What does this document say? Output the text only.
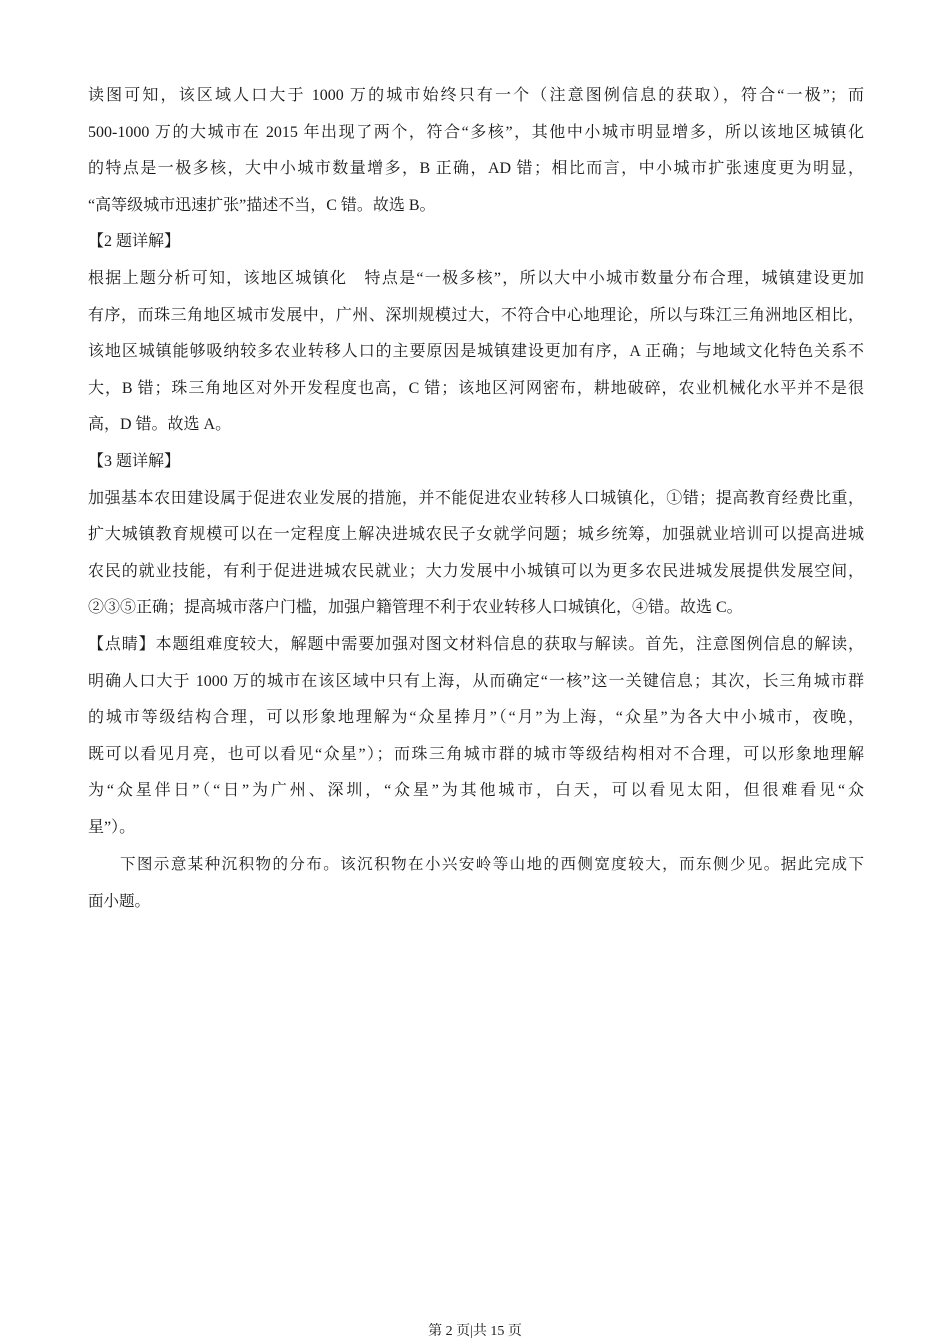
读图可知，该区域人口大于 1000 万的城市始终只有一个（注意图例信息的获取），符合“一极”；而
500-1000 万的大城市在 2015 年出现了两个，符合“多核”，其他中小城市明显增多，所以该地区城镇化
的特点是一极多核，大中小城市数量增多，B 正确，AD 错；相比而言，中小城市扩张速度更为明显，
“高等级城市迅速扩张”描述不当，C 错。故选 B。
【2 题详解】
根据上题分析可知，该地区城镇化　特点是“一极多核”，所以大中小城市数量分布合理，城镇建设更加
有序，而珠三角地区城市发展中，广州、深圳规模过大，不符合中心地理论，所以与珠江三角洲地区相比，
该地区城镇能够吸纳较多农业转移人口的主要原因是城镇建设更加有序，A 正确；与地域文化特色关系不
大，B 错；珠三角地区对外开发程度也高，C 错；该地区河网密布，耕地破碎，农业机械化水平并不是很
高，D 错。故选 A。
【3 题详解】
加强基本农田建设属于促进农业发展的措施，并不能促进农业转移人口城镇化，①错；提高教育经费比重，
扩大城镇教育规模可以在一定程度上解决进城农民子女就学问题；城乡统筹，加强就业培训可以提高进城
农民的就业技能，有利于促进进城农民就业；大力发展中小城镇可以为更多农民进城发展提供发展空间，
②③⑤正确；提高城市落户门槛，加强户籍管理不利于农业转移人口城镇化，④错。故选 C。
【点睛】本题组难度较大，解题中需要加强对图文材料信息的获取与解读。首先，注意图例信息的解读，
明确人口大于 1000 万的城市在该区域中只有上海，从而确定“一核”这一关键信息；其次，长三角城市群
的城市等级结构合理，可以形象地理解为“众星捧月”（“月”为上海，“众星”为各大中小城市，夜晚，
既可以看见月亮，也可以看见“众星”）；而珠三角城市群的城市等级结构相对不合理，可以形象地理解
为“众星伴日”（“日”为广州、深圳，“众星”为其他城市，白天，可以看见太阳，但很难看见“众
星”）。
下图示意某种沉积物的分布。该沉积物在小兴安岭等山地的西侧宽度较大，而东侧少见。据此完成下
面小题。
第 2 页|共 15 页
